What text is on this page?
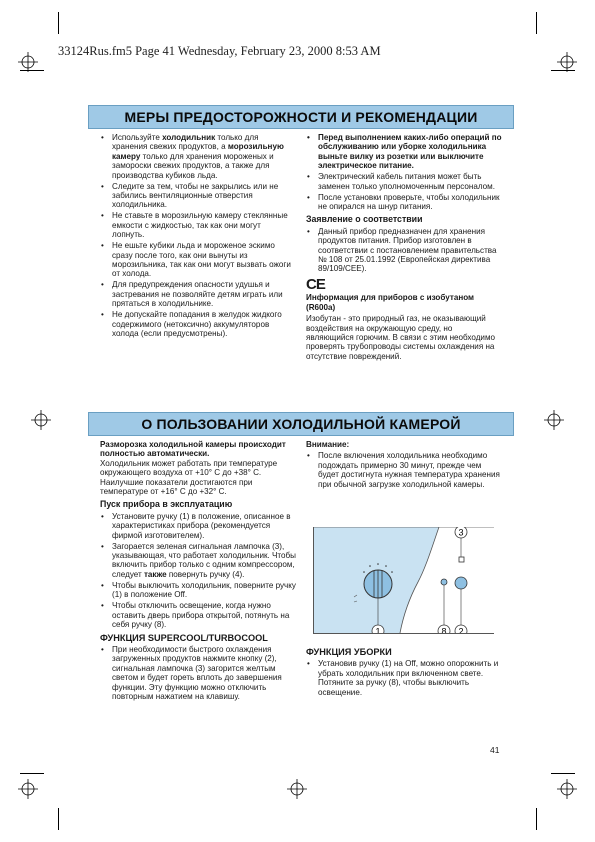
33124Rus.fm5 Page 41 Wednesday, February 23, 2000 8:53 AM
МЕРЫ ПРЕДОСТОРОЖНОСТИ И РЕКОМЕНДАЦИИ
• Используйте холодильник только для хранения свежих продуктов, а морозильную камеру только для хранения мороженых и замороски свежих продуктов, а также для производства кубиков льда.
• Следите за тем, чтобы не закрылись или не забились вентиляционные отверстия холодильника.
• Не ставьте в морозильную камеру стеклянные емкости с жидкостью, так как они могут лопнуть.
• Не ешьте кубики льда и мороженое эскимо сразу после того, как они вынуты из морозильника, так как они могут вызвать ожоги от холода.
• Для предупреждения опасности удушья и застревания не позволяйте детям играть или прятаться в холодильнике.
• Не допускайте попадания в желудок жидкого содержимого (нетоксично) аккумуляторов холода (если предусмотрены).
• Перед выполнением каких-либо операций по обслуживанию или уборке холодильника выньте вилку из розетки или выключите электрическое питание.
• Электрический кабель питания может быть заменен только уполномоченным персоналом.
• После установки проверьте, чтобы холодильник не опирался на шнур питания.
Заявление о соответствии
• Данный прибор предназначен для хранения продуктов питания. Прибор изготовлен в соответствии с постановлением правительства № 108 от 25.01.1992 (Европейская директива 89/109/CEE).
CE
Информация для приборов с изобутаном (R600a)
Изобутан - это природный газ, не оказывающий воздействия на окружающую среду, но являющийся горючим. В связи с этим необходимо проверять трубопроводы системы охлаждения на отсутствие повреждений.
О ПОЛЬЗОВАНИИ ХОЛОДИЛЬНОЙ КАМЕРОЙ
Разморозка холодильной камеры происходит полностью автоматически.
Холодильник может работать при температуре окружающего воздуха от +10° С до +38° С. Наилучшие показатели достигаются при температуре от +16° С до +32° С.
Пуск прибора в эксплуатацию
• Установите ручку (1) в положение, описанное в характеристиках прибора (рекомендуется фирмой изготовителем).
• Загорается зеленая сигнальная лампочка (3), указывающая, что работает холодильник. Чтобы включить прибор только с одним компрессором, следует также повернуть ручку (4).
• Чтобы выключить холодильник, поверните ручку (1) в положение Off.
• Чтобы отключить освещение, когда нужно оставить дверь прибора открытой, потянуть на себя ручку (8).
ФУНКЦИЯ SUPERCOOL/TURBOCOOL
• При необходимости быстрого охлаждения загруженных продуктов нажмите кнопку (2), сигнальная лампочка (3) загорится желтым светом и будет гореть вплоть до завершения функции. Эту функцию можно отключить повторным нажатием на клавишу.
Внимание:
• После включения холодильника необходимо подождать примерно 30 минут, прежде чем будет достигнута нужная температура хранения при обычной загрузке холодильной камеры.
3
1	8 2
ФУНКЦИЯ УБОРКИ
• Установив ручку (1) на Off, можно опорожнить и убрать холодильник при включенном свете. Потяните за ручку (8), чтобы выключить освещение.
41
